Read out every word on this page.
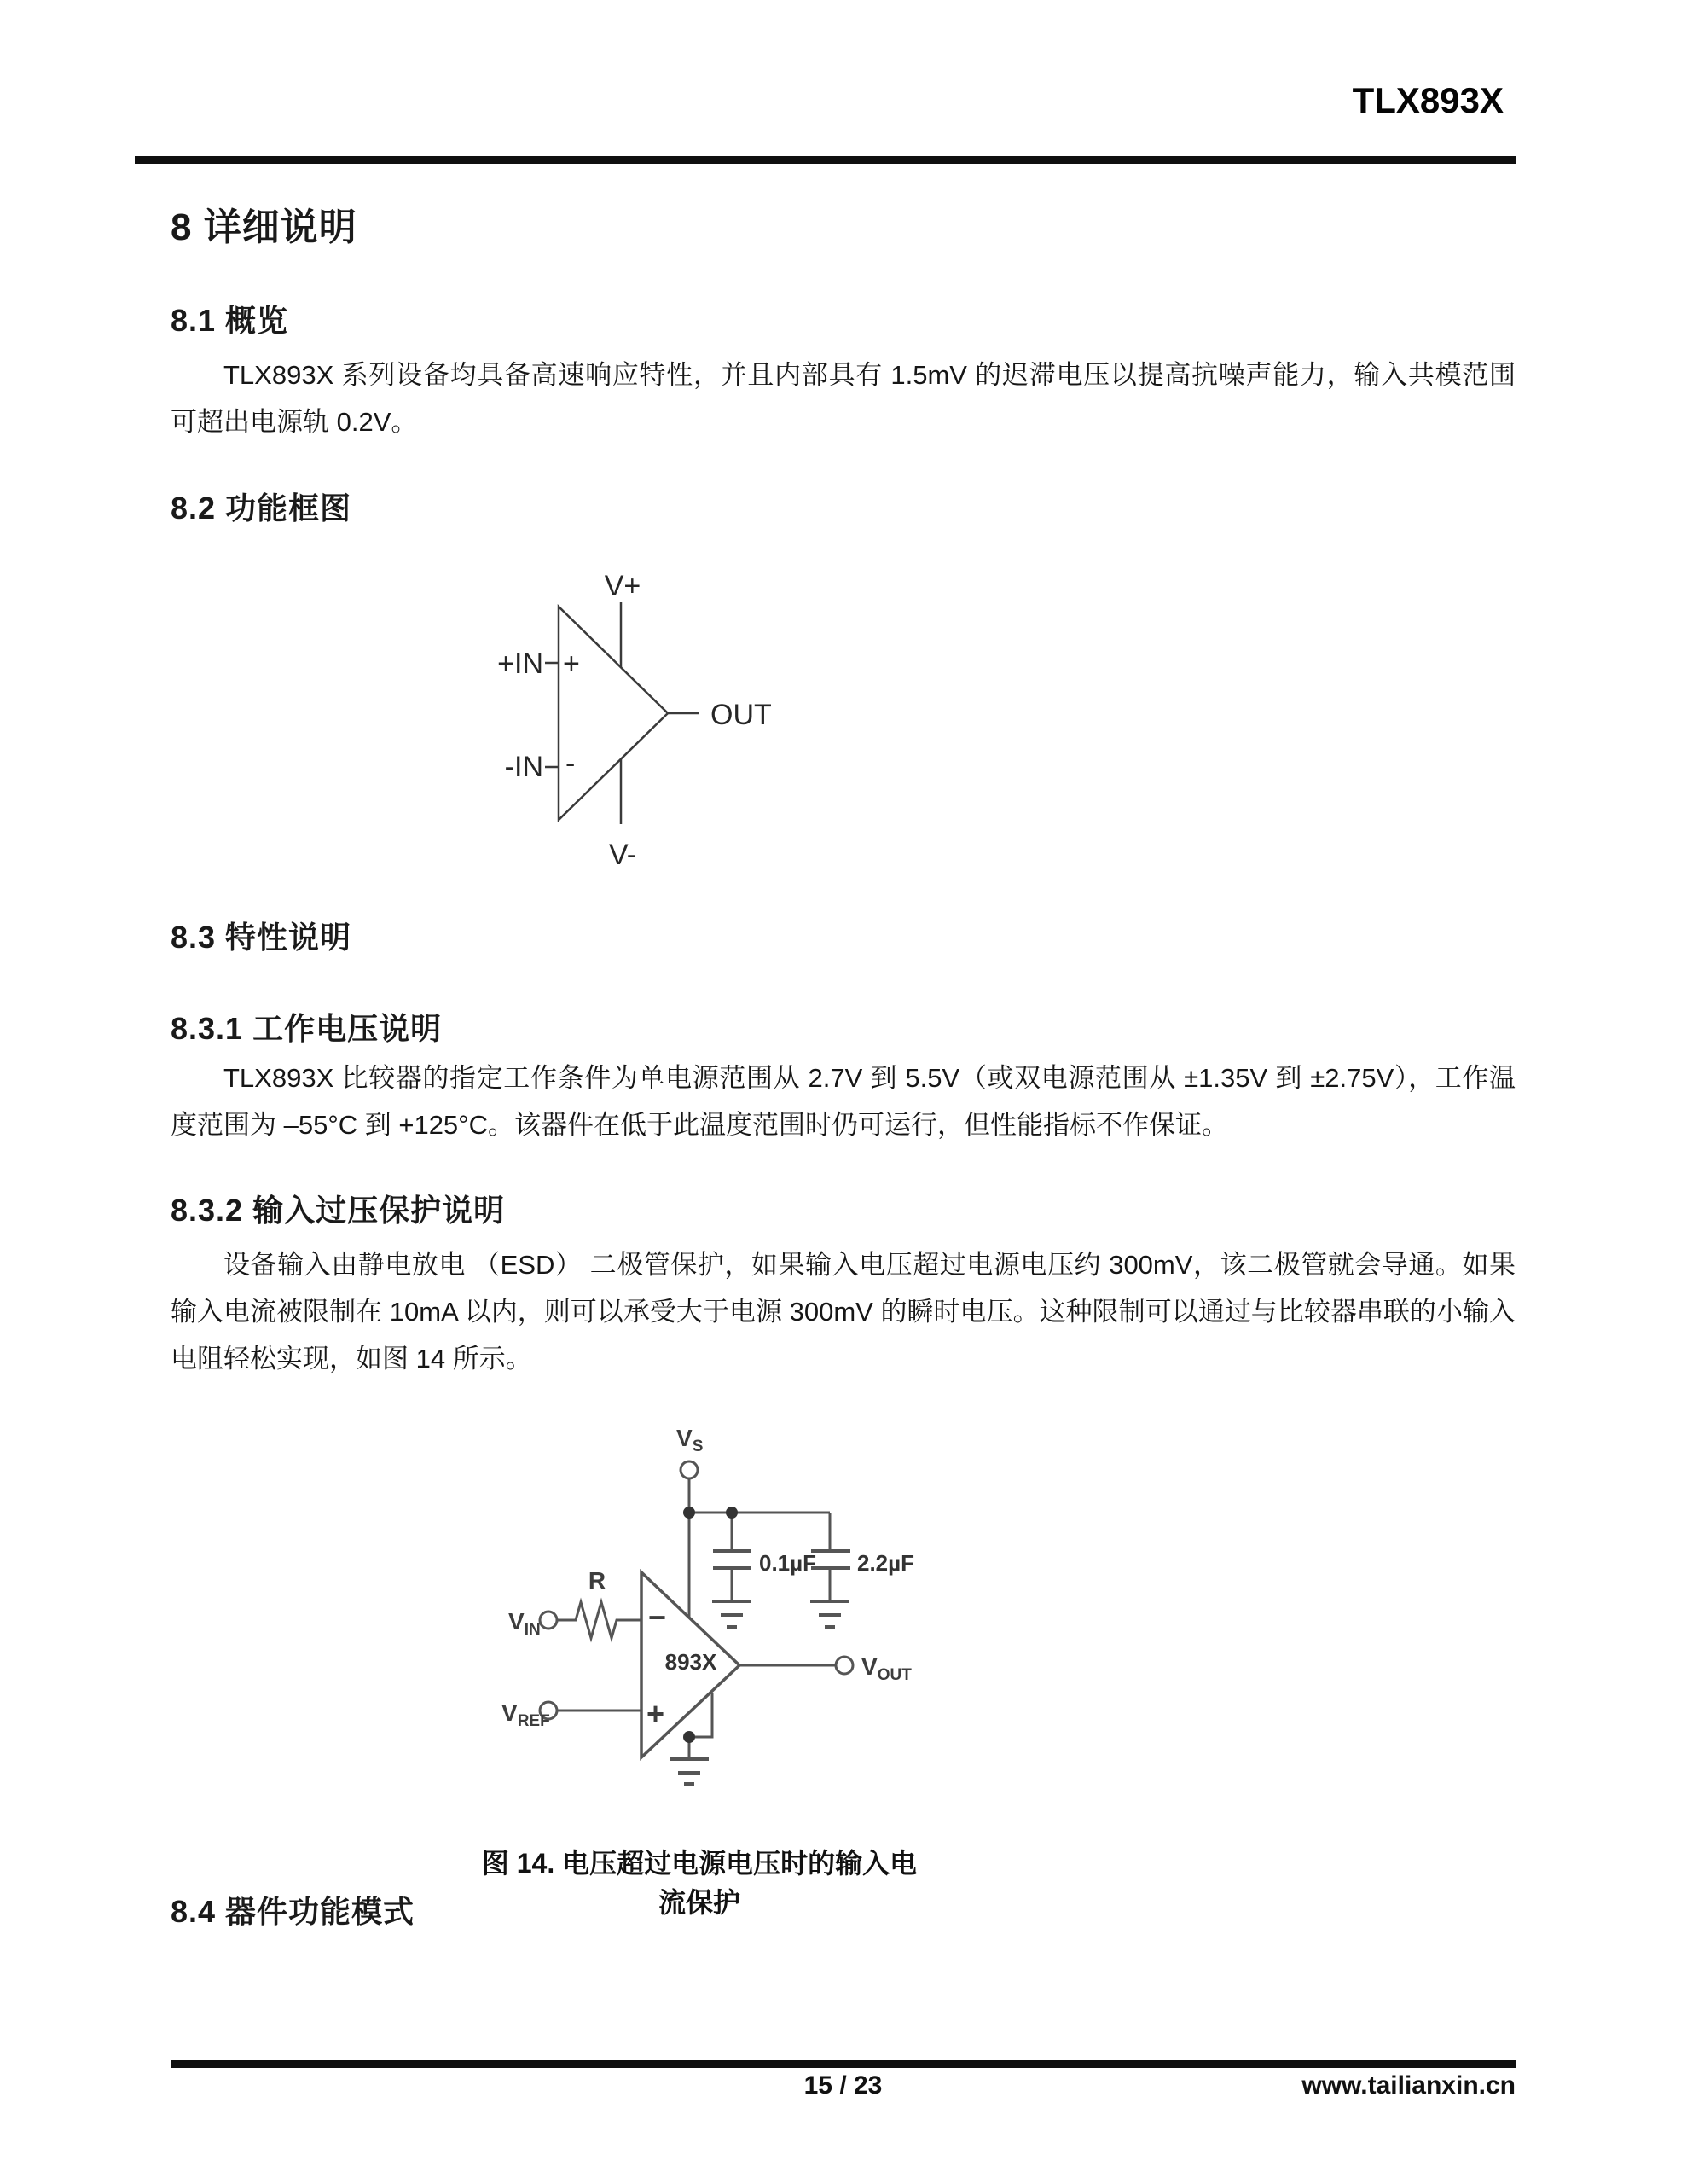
TLX893X
8 详细说明
8.1 概览
TLX893X 系列设备均具备高速响应特性，并且内部具有 1.5mV 的迟滞电压以提高抗噪声能力，输入共模范围可超出电源轨 0.2V。
8.2 功能框图
V+
V-
+IN
-IN
+
-
OUT
8.3 特性说明
8.3.1 工作电压说明
TLX893X 比较器的指定工作条件为单电源范围从 2.7V 到 5.5V（或双电源范围从 ±1.35V 到 ±2.75V），工作温度范围为 –55°C 到 +125°C。该器件在低于此温度范围时仍可运行，但性能指标不作保证。
8.3.2 输入过压保护说明
设备输入由静电放电 （ESD） 二极管保护，如果输入电压超过电源电压约 300mV，该二极管就会导通。如果输入电流被限制在 10mA 以内，则可以承受大于电源 300mV 的瞬时电压。这种限制可以通过与比较器串联的小输入电阻轻松实现，如图 14 所示。
$V_S$
0.1µF 2.2µF
R
$V_{IN}$
$V_{REF}$
$V_{OUT}$
893X
−
+
图 14. 电压超过电源电压时的输入电流保护
8.4 器件功能模式
15 / 23	www.tailianxin.cn
